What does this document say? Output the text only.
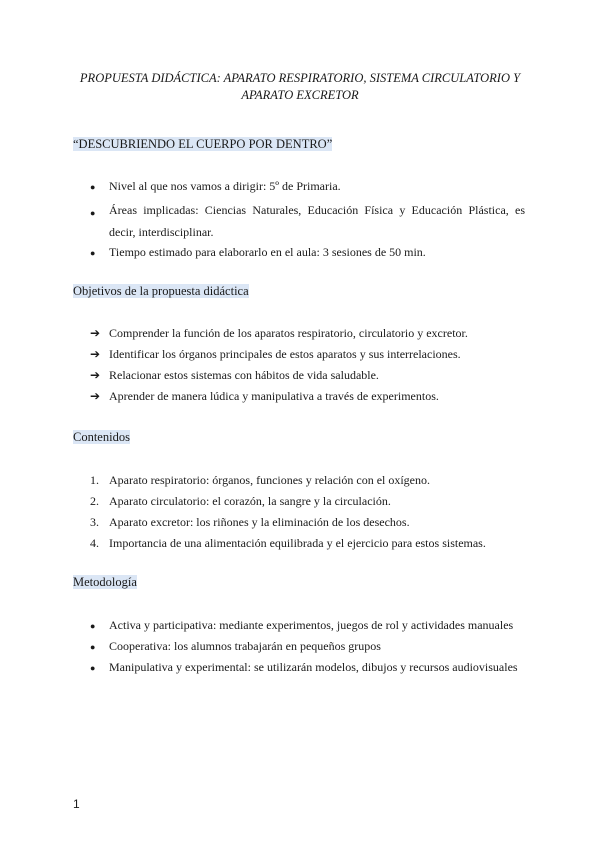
PROPUESTA DIDÁCTICA: APARATO RESPIRATORIO, SISTEMA CIRCULATORIO Y
APARATO EXCRETOR
“DESCUBRIENDO EL CUERPO POR DENTRO”
●	Nivel al que nos vamos a dirigir: 5º de Primaria.
●	Áreas implicadas: Ciencias Naturales, Educación Física y Educación Plástica, es decir, interdisciplinar.
●	Tiempo estimado para elaborarlo en el aula: 3 sesiones de 50 min.
Objetivos de la propuesta didáctica
➔ Comprender la función de los aparatos respiratorio, circulatorio y excretor.
➔ Identificar los órganos principales de estos aparatos y sus interrelaciones.
➔ Relacionar estos sistemas con hábitos de vida saludable.
➔ Aprender de manera lúdica y manipulativa a través de experimentos.
Contenidos
1. Aparato respiratorio: órganos, funciones y relación con el oxígeno.
2. Aparato circulatorio: el corazón, la sangre y la circulación.
3. Aparato excretor: los riñones y la eliminación de los desechos.
4. Importancia de una alimentación equilibrada y el ejercicio para estos sistemas.
Metodología
●	Activa y participativa: mediante experimentos, juegos de rol y actividades manuales
●	Cooperativa: los alumnos trabajarán en pequeños grupos
●	Manipulativa y experimental: se utilizarán modelos, dibujos y recursos audiovisuales
1
